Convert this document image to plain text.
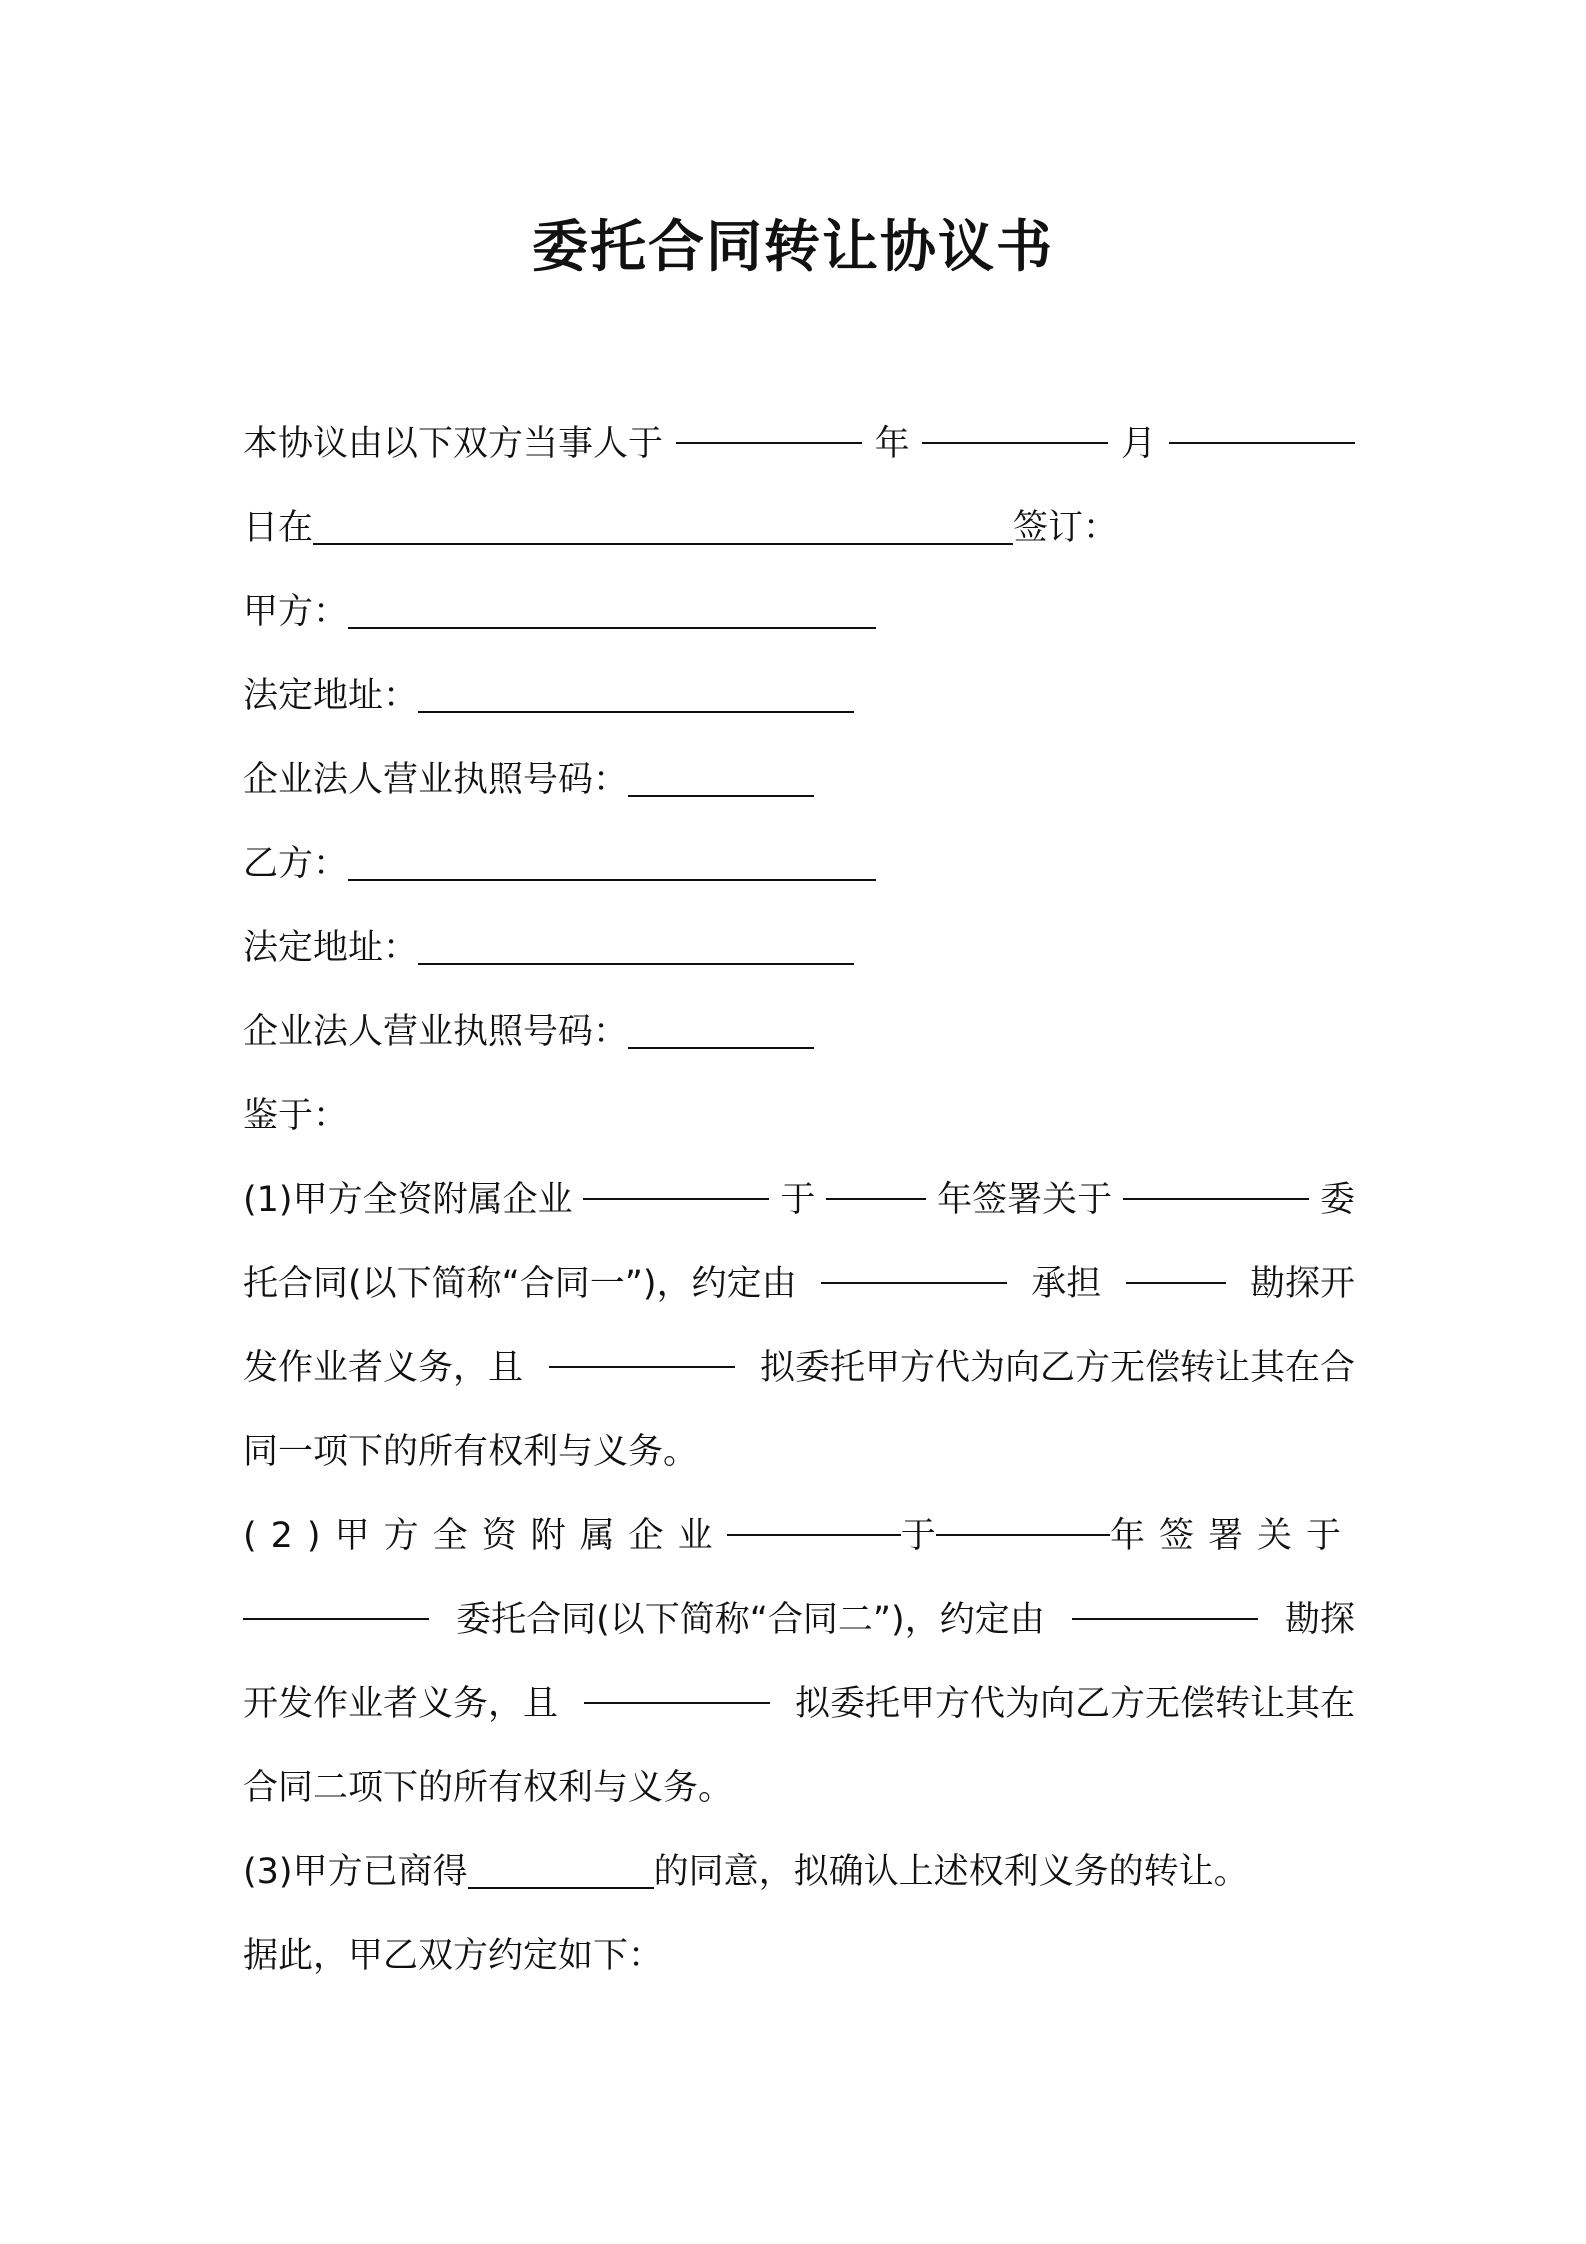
委托合同转让协议书
本协议由以下双方当事人于	年	月
日在	签订：
甲方：
法定地址：
企业法人营业执照号码：
乙方：
法定地址：
企业法人营业执照号码：
鉴于：
(1)甲方全资附属企业	于	年签署关于	委
托合同(以下简称“合同一”)，约定由	承担	勘探开
发作业者义务，且	拟委托甲方代为向乙方无偿转让其在合
同一项下的所有权利与义务。
(2)甲方全资附属企业	于	年签署关于
委托合同(以下简称“合同二”)，约定由	勘探
开发作业者义务，且	拟委托甲方代为向乙方无偿转让其在
合同二项下的所有权利与义务。
(3)甲方已商得	的同意，拟确认上述权利义务的转让。
据此，甲乙双方约定如下：
